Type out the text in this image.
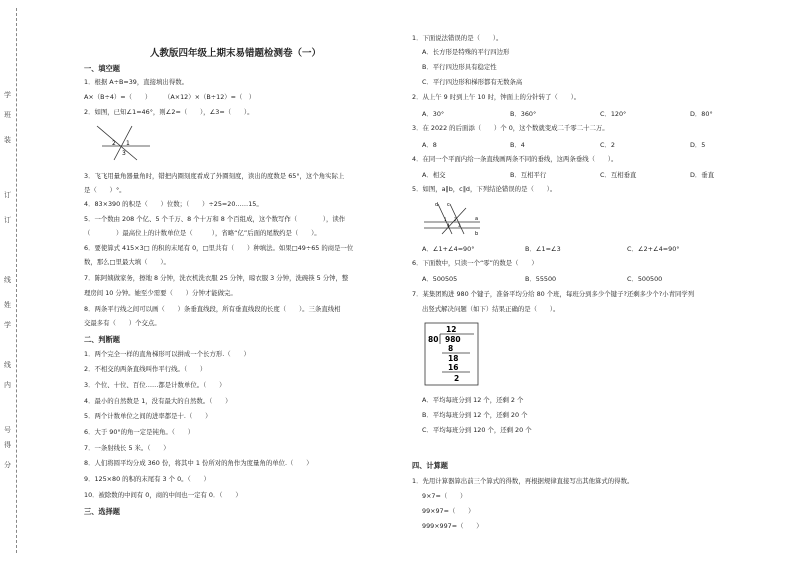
学
班
装
订
订
线
姓
学
线
内
号
得
分
人教版四年级上期末易错题检测卷（一）
一、填空题
1．根据 A÷B=39，直接填出得数。
A×（B÷4）=（　　）　　　（A×12）×（B÷12）=（　）
2．如图，已知∠1=46°，则∠2=（　　），∠3=（　　）。
2 1
3
3．飞飞用量角器量角时，错把内圈刻度看成了外圈刻度，读出的度数是 65°，这个角实际上
是（　　）°。
4．83×390 的积是（　　）位数；（　　）÷25=20……15。
5．一个数由 208 个亿、5 个千万、8 个十万和 8 个百组成，这个数写作（　　　　），读作
（　　　　）最高位上的计数单位是（　　　），省略“亿”后面的尾数约是（　　）。
6．要使算式 415×3□ 的积的末尾有 0，□里共有（　　）种填法。如果□49÷65 的商是一位
数，那么□里最大填（　　）。
7．陈阿姨做家务，擦地 8 分钟，洗衣机洗衣服 25 分钟，晾衣服 3 分钟，洗碗筷 5 分钟，整
理房间 10 分钟。她至少需要（　　）分钟才能做完。
8．两条平行线之间可以画（　　）条垂直线段，所有垂直线段的长度（　　）。三条直线相
交最多有（　　）个交点。
二、判断题
1．两个完全一样的直角梯形可以拼成一个长方形.（　　）
2．不相交的两条直线叫作平行线。（　　）
3．个位、十位、百位……都是计数单位。（　　）
4．最小的自然数是 1，没有最大的自然数。（　　）
5．两个计数单位之间的进率都是十.（　　）
6．大于 90°的角一定是钝角。（　　）
7．一条射线长 5 米。（　　）
8．人们将圆平均分成 360 份，将其中 1 份所对的角作为度量角的单位.（　　）
9．125×80 的积的末尾有 3 个 0。（　　）
10．被除数的中间有 0，商的中间也一定有 0．（　　）
三、选择题
1．下面说法错误的是（　　）。
A．长方形是特殊的平行四边形
B．平行四边形具有稳定性
C．平行四边形和梯形都有无数条高
2．从上午 9 时到上午 10 时，钟面上的分针转了（　　）。
A．30°	B．360°	C．120°	D．80°
3．在 2022 的后面添（　　）个 0，这个数就变成二千零二十二万。
A．8	B．4	C．2	D．5
4．在同一个平面内给一条直线画两条不同的垂线，这两条垂线（　　）。
A．相交	B．互相平行	C．互相垂直	D．垂直
5．如图，a∥b，c∥d，下列结论错误的是（　　）。
d c
a
b
1 2
3
4
A．∠1+∠4=90°	B．∠1=∠3	C．∠2+∠4=90°
6．下面数中，只读一个“零”的数是（　　）
A．500505	B．55500	C．500500
7．某集团购进 980 个键子，准备平均分给 80 个班，每班分到多少个键子?还剩多少个?小青同学列
出竖式解决问题（如下）结果正确的是（　　）。
12
80 980
8
18
16
2
A．平均每班分到 12 个，还剩 2 个
B．平均每班分到 12 个，还剩 20 个
C．平均每班分到 120 个，还剩 20 个
四、计算题
1．先用计算器算出前三个算式的得数，再根据规律直接写出其他算式的得数。
9×7=（　　）
99×97=（　　）
999×997=（　　）
